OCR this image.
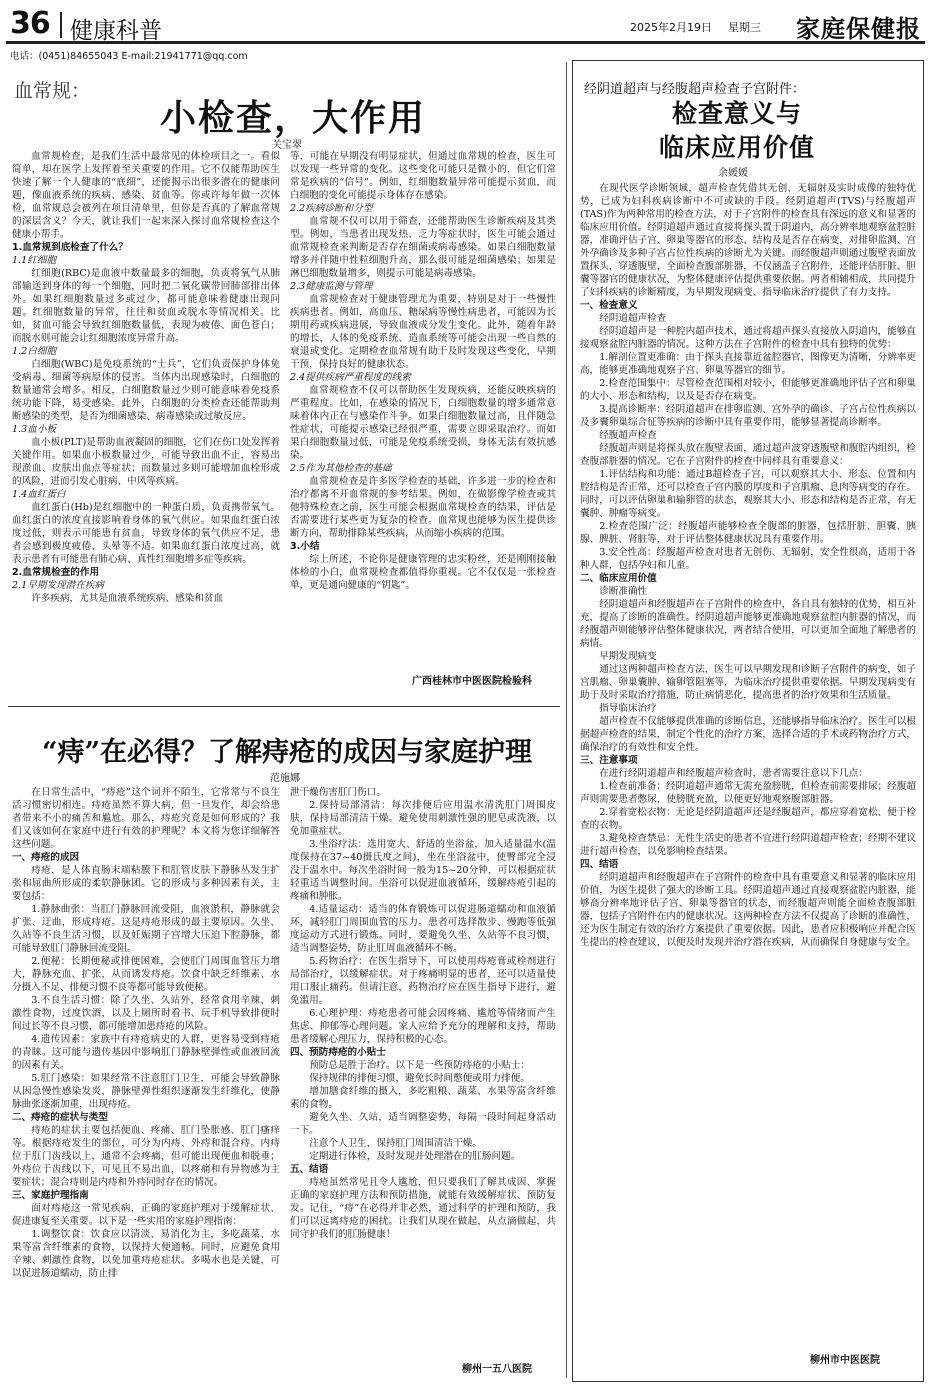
36 健康科普	2025年2月19日 星期三 家庭保健报
电话：(0451)84655043 E-mail:21941771@qq.com
血常规：
小检查，大作用
关宝翠

血常规检查，是我们生活中最常见的体检项目之一。看似简单，却在医学上发挥着至关重要的作用。它不仅能帮助医生快速了解一个人健康的“底细”，还能揭示出很多潜在的健康问题，像血液系统的疾病、感染、贫血等。你或许每年做一次体检，血常规总会被列在项目清单里，但你是否真的了解血常规的深层含义？今天，就让我们一起来深入探讨血常规检查这个健康小帮手。

1.血常规到底检查了什么？

1.1红细胞

红细胞(RBC)是血液中数量最多的细胞，负责将氧气从肺部输送到身体的每一个细胞，同时把二氧化碳带回肺部排出体外。如果红细胞数量过多或过少，都可能意味着健康出现问题。红细胞数量的异常，往往和贫血或脱水等情况相关。比如，贫血可能会导致红细胞数量低，表现为疲倦、面色苍白；而脱水则可能会让红细胞浓度异常升高。

1.2白细胞

白细胞(WBC)是免疫系统的“士兵”，它们负责保护身体免受病毒、细菌等病原体的侵害。当体内出现感染时，白细胞的数量通常会增多。相反，白细胞数量过少则可能意味着免疫系统功能下降，易受感染。此外，白细胞的分类检查还能帮助判断感染的类型，是否为细菌感染、病毒感染或过敏反应。

1.3血小板

血小板(PLT)是帮助血液凝固的细胞，它们在伤口处发挥着关键作用。如果血小板数量过少，可能导致出血不止，容易出现淤血、皮肤出血点等症状；而数量过多则可能增加血栓形成的风险，进而引发心脏病、中风等疾病。

1.4血红蛋白

血红蛋白(Hb)是红细胞中的一种蛋白质，负责携带氧气。血红蛋白的浓度直接影响着身体的氧气供应。如果血红蛋白浓度过低，则表示可能患有贫血，导致身体的氧气供应不足，患者会感到极度疲倦、头晕等不适。如果血红蛋白浓度过高，就表示患者有可能患有肺心病、真性红细胞增多症等疾病。

2.血常规检查的作用

2.1早期发现潜在疾病

许多疾病，尤其是血液系统疾病、感染和贫血

等，可能在早期没有明显症状，但通过血常规的检查，医生可以发现一些异常的变化。这些变化可能只是微小的，但它们常常是疾病的“信号”。例如，红细胞数量异常可能提示贫血，而白细胞的变化可能提示身体存在感染。

2.2疾病诊断和分型

血常规不仅可以用于筛查，还能帮助医生诊断疾病及其类型。例如，当患者出现发热、乏力等症状时，医生可能会通过血常规检查来判断是否存在细菌或病毒感染。如果白细胞数量增多并伴随中性粒细胞升高，那么很可能是细菌感染；如果是淋巴细胞数量增多，则提示可能是病毒感染。

2.3健康监测与管理

血常规检查对于健康管理尤为重要，特别是对于一些慢性疾病患者。例如，高血压、糖尿病等慢性病患者，可能因为长期用药或疾病进展，导致血液成分发生变化。此外，随着年龄的增长，人体的免疫系统、造血系统等可能会出现一些自然的衰退或变化。定期检查血常规有助于及时发现这些变化，早期干预，保持良好的健康状态。

2.4提供疾病严重程度的线索

血常规检查不仅可以帮助医生发现疾病，还能反映疾病的严重程度。比如，在感染的情况下，白细胞数量的增多通常意味着体内正在与感染作斗争。如果白细胞数量过高，且伴随急性症状，可能提示感染已经很严重，需要立即采取治疗。而如果白细胞数量过低，可能是免疫系统受损，身体无法有效抗感染。

2.5作为其他检查的基础

血常规检查是许多医学检查的基础，许多进一步的检查和治疗都离不开血常规的参考结果。例如，在做影像学检查或其他特殊检查之前，医生可能会根据血常规检查的结果，评估是否需要进行某些更为复杂的检查。血常规也能够为医生提供诊断方向，帮助排除某些疾病，从而缩小疾病的范围。

3.小结

综上所述，不论你是健康管理的忠实粉丝，还是刚刚接触体检的小白，血常规检查都值得你重视。它不仅仅是一张检查单，更是通向健康的“钥匙”。

广西桂林市中医医院检验科
“痔”在必得？了解痔疮的成因与家庭护理
范施娜

在日常生活中，“痔疮”这个词并不陌生，它常常与不良生活习惯密切相连。痔疮虽然不算大病，但一旦发作，却会给患者带来不小的痛苦和尴尬。那么，痔疮究竟是如何形成的？我们又该如何在家庭中进行有效的护理呢？本文将为您详细解答这些问题。

一、痔疮的成因

痔疮，是人体直肠末端粘膜下和肛管皮肤下静脉丛发生扩张和屈曲所形成的柔软静脉团。它的形成与多种因素有关，主要包括：

1.静脉曲张：当肛门静脉回流受阻，血液淤积，静脉就会扩张、迂曲，形成痔疮。这是痔疮形成的最主要原因。久坐、久站等不良生活习惯，以及妊娠期子宫增大压迫下腔静脉，都可能导致肛门静脉回流受阻。

2.便秘：长期便秘或排便困难，会使肛门周围血管压力增大，静脉充血、扩张，从而诱发痔疮。饮食中缺乏纤维素、水分摄入不足、排便习惯不良等都可能导致便秘。

3.不良生活习惯：除了久坐、久站外，经常食用辛辣、刺激性食物，过度饮酒，以及上厕所时看书、玩手机导致排便时间过长等不良习惯，都可能增加患痔疮的风险。

4.遗传因素：家族中有痔疮病史的人群，更容易受到痔疮的青睐。这可能与遗传基因中影响肛门静脉壁弹性或血液回流的因素有关。

5.肛门感染：如果经常不注意肛门卫生，可能会导致静脉从因急慢性感染发炎，静脉壁弹性组织逐渐发生纤维化，使静脉曲张逐渐加重，出现痔疮。

二、痔疮的症状与类型

痔疮的症状主要包括便血、疼痛、肛门坠胀感、肛门瘙痒等。根据痔疮发生的部位，可分为内痔、外痔和混合痔。内痔位于肛门齿线以上，通常不会疼痛，但可能出现便血和脱垂；外痔位于齿线以下，可见且不易出血，以疼痛和有异物感为主要症状；混合痔则是内痔和外痔同时存在的情况。

三、家庭护理指南

面对痔疮这一常见疾病，正确的家庭护理对于缓解症状、促进康复至关重要。以下是一些实用的家庭护理指南：

1.调整饮食：饮食应以清淡、易消化为主，多吃蔬菜、水果等富含纤维素的食物，以保持大便通畅。同时，应避免食用辛辣、刺激性食物，以免加重痔疮症状。多喝水也是关键，可以促进肠道蠕动，防止排

泄干燥伤害肛门伤口。

2.保持局部清洁：每次排便后应用温水清洗肛门周围皮肤，保持局部清洁干燥。避免使用刺激性强的肥皂或洗液，以免加重症状。

3.坐浴疗法：选用宽大、舒适的坐浴盆，加入适量温水(温度保持在37~40摄氏度之间)，坐在坐浴盆中，使臀部完全浸没于温水中。每次坐浴时间一般为15~20分钟，可以根据症状轻重适当调整时间。坐浴可以促进血液循环，缓解痔疮引起的疼痛和肿胀。

4.适量运动：适当的体育锻炼可以促进肠道蠕动和血液循环，减轻肛门周围血管的压力。患者可选择散步、慢跑等低强度运动方式进行锻炼。同时，要避免久坐、久站等不良习惯，适当调整姿势，防止肛周血液循环不畅。

5.药物治疗：在医生指导下，可以使用痔疮膏或栓剂进行局部治疗，以缓解症状。对于疼痛明显的患者，还可以适量使用口服止痛药。但请注意，药物治疗应在医生指导下进行，避免滥用。

6.心理护理：痔疮患者可能会因疼痛、尴尬等情绪而产生焦虑、抑郁等心理问题。家人应给予充分的理解和支持，帮助患者缓解心理压力，保持积极的心态。

四、预防痔疮的小贴士

预防总是胜于治疗。以下是一些预防痔疮的小贴士：

保持规律的排便习惯，避免长时间憋便或用力排便。

增加膳食纤维的摄入，多吃粗粮、蔬菜、水果等富含纤维素的食物。

避免久坐、久站，适当调整姿势，每隔一段时间起身活动一下。

注意个人卫生，保持肛门周围清洁干燥。

定期进行体检，及时发现并处理潜在的肛肠问题。

五、结语

痔疮虽然常见且令人尴尬，但只要我们了解其成因、掌握正确的家庭护理方法和预防措施，就能有效缓解症状、预防复发。记住，“痔”在必得并非必然，通过科学的护理和预防，我们可以远离痔疮的困扰。让我们从现在做起，从点滴做起，共同守护我们的肛肠健康！

柳州一五八医院
经阴道超声与经腹超声检查子宫附件：
检查意义与
临床应用价值
余媛媛

在现代医学诊断领域，超声检查凭借其无创、无辐射及实时成像的独特优势，已成为妇科疾病诊断中不可或缺的手段。经阴道超声(TVS)与经腹超声(TAS)作为两种常用的检查方法，对于子宫附件的检查具有深远的意义和显著的临床应用价值。经阴道超声通过直接将探头置于阴道内，高分辨率地观察盆腔脏器，准确评估子宫、卵巢等器官的形态、结构及是否存在病变，对排卵监测、宫外孕确诊及多种子宫占位性疾病的诊断尤为关键。而经腹超声则通过腹壁表面放置探头，穿透腹壁，全面检查腹部脏器，不仅涵盖子宫附件，还能评估肝脏、胆囊等器官的健康状况，为整体健康评估提供重要依据。两者相辅相成，共同提升了妇科疾病的诊断精度，为早期发现病变、指导临床治疗提供了有力支持。

一、检查意义

经阴道超声检查

经阴道超声是一种腔内超声技术，通过将超声探头直接放入阴道内，能够直接观察盆腔内脏器的情况。这种方法在子宫附件的检查中具有独特的优势：

1.解剖位置更准确：由于探头直接靠近盆腔器官，图像更为清晰，分辨率更高，能够更准确地观察子宫、卵巢等器官的细节。

2.检查范围集中：尽管检查范围相对较小，但能够更准确地评估子宫和卵巢的大小、形态和结构，以及是否存在病变。

3.提高诊断率：经阴道超声在排卵监测、宫外孕的确诊、子宫占位性疾病以及多囊卵巢综合征等疾病的诊断中具有重要作用，能够显著提高诊断率。

经腹超声检查

经腹超声则是将探头放在腹壁表面，通过超声波穿透腹壁和腹腔内组织，检查腹部脏器的情况。它在子宫附件的检查中同样具有重要意义：

1.评估结构和功能：通过B超检查子宫，可以观察其大小、形态、位置和内腔结构是否正常，还可以检查子宫内膜的厚度和子宫肌瘤、息肉等病变的存在。同时，可以评估卵巢和输卵管的状态，观察其大小、形态和结构是否正常，有无囊肿、肿瘤等病变。

2.检查范围广泛：经腹超声能够检查全腹部的脏器，包括肝脏、胆囊、胰腺、脾脏、肾脏等，对于评估整体健康状况具有重要作用。

3.安全性高：经腹超声检查对患者无创伤、无辐射，安全性很高，适用于各种人群，包括孕妇和儿童。

二、临床应用价值

诊断准确性

经阴道超声和经腹超声在子宫附件的检查中，各自具有独特的优势，相互补充，提高了诊断的准确性。经阴道超声能够更准确地观察盆腔内脏器的情况，而经腹超声则能够评估整体健康状况，两者结合使用，可以更加全面地了解患者的病情。

早期发现病变

通过这两种超声检查方法，医生可以早期发现和诊断子宫附件的病变，如子宫肌瘤、卵巢囊肿、输卵管阻塞等，为临床治疗提供重要依据。早期发现病变有助于及时采取治疗措施，防止病情恶化，提高患者的治疗效果和生活质量。

指导临床治疗

超声检查不仅能够提供准确的诊断信息，还能够指导临床治疗。医生可以根据超声检查的结果，制定个性化的治疗方案，选择合适的手术或药物治疗方式，确保治疗的有效性和安全性。

三、注意事项

在进行经阴道超声和经腹超声检查时，患者需要注意以下几点：

1.检查前准备：经阴道超声通常无需充盈膀胱，但检查前需要排尿；经腹超声则需要患者憋尿，使膀胱充盈，以便更好地观察腹部脏器。

2.穿着宽松衣物：无论是经阴道超声还是经腹超声，都应穿着宽松、便于检查的衣物。

3.避免检查禁忌：无性生活史的患者不宜进行经阴道超声检查；经期不建议进行超声检查，以免影响检查结果。

四、结语

经阴道超声和经腹超声在子宫附件的检查中具有重要意义和显著的临床应用价值，为医生提供了强大的诊断工具。经阴道超声通过直接观察盆腔内脏器，能够高分辨率地评估子宫、卵巢等器官的状态，而经腹超声则能全面检查腹部脏器，包括子宫附件在内的健康状况。这两种检查方法不仅提高了诊断的准确性，还为医生制定有效的治疗方案提供了重要依据。因此，患者应积极响应并配合医生提出的检查建议，以便及时发现并治疗潜在疾病，从而确保自身健康与安全。

柳州市中医医院
